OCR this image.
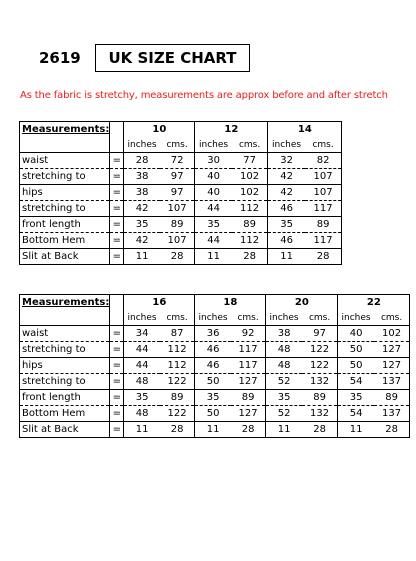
2619	UK SIZE CHART
As the fabric is stretchy, measurements are approx before and after stretch
Measurements:		10		12		14	
		inches	cms.	inches	cms.	inches	cms.
waist	=	28	72	30	77	32	82
stretching to	=	38	97	40	102	42	107
hips	=	38	97	40	102	42	107
stretching to	=	42	107	44	112	46	117
front length	=	35	89	35	89	35	89
Bottom Hem	=	42	107	44	112	46	117
Slit at Back	=	11	28	11	28	11	28
Measurements:		16		18		20		22	
		inches	cms.	inches	cms.	inches	cms.	inches	cms.
waist	=	34	87	36	92	38	97	40	102
stretching to	=	44	112	46	117	48	122	50	127
hips	=	44	112	46	117	48	122	50	127
stretching to	=	48	122	50	127	52	132	54	137
front length	=	35	89	35	89	35	89	35	89
Bottom Hem	=	48	122	50	127	52	132	54	137
Slit at Back	=	11	28	11	28	11	28	11	28
